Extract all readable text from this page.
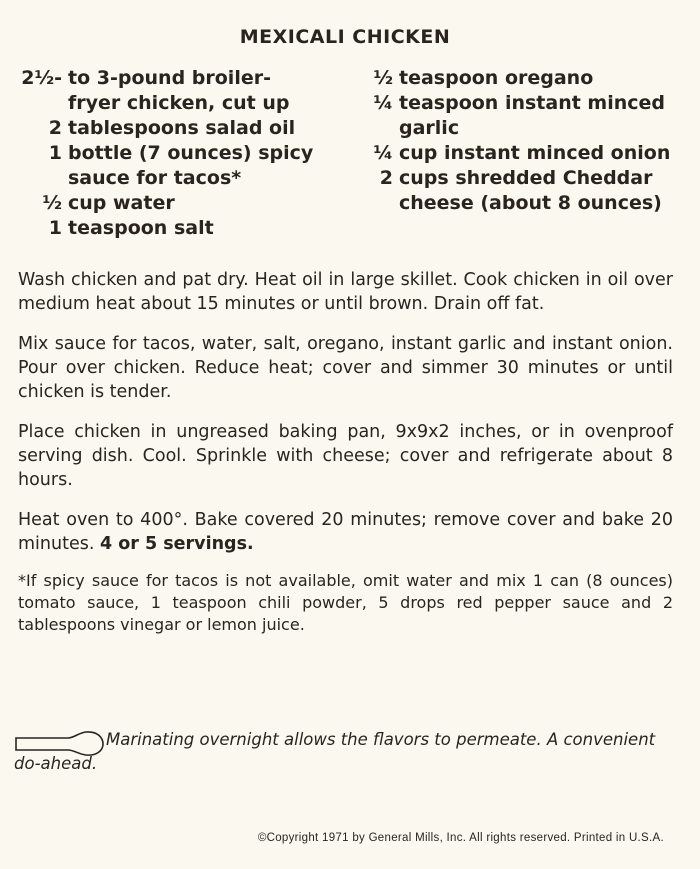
MEXICALI CHICKEN
2½- to 3-pound broiler-
fryer chicken, cut up
2 tablespoons salad oil
1 bottle (7 ounces) spicy
sauce for tacos*
½ cup water
1 teaspoon salt
½ teaspoon oregano
¼ teaspoon instant minced
garlic
¼ cup instant minced onion
2 cups shredded Cheddar
cheese (about 8 ounces)

Wash chicken and pat dry. Heat oil in large skillet. Cook chicken in oil over medium heat about 15 minutes or until brown. Drain off fat.

Mix sauce for tacos, water, salt, oregano, instant garlic and instant onion. Pour over chicken. Reduce heat; cover and simmer 30 minutes or until chicken is tender.

Place chicken in ungreased baking pan, 9x9x2 inches, or in ovenproof serving dish. Cool. Sprinkle with cheese; cover and refrigerate about 8 hours.

Heat oven to 400°. Bake covered 20 minutes; remove cover and bake 20 minutes. 4 or 5 servings.

*If spicy sauce for tacos is not available, omit water and mix 1 can (8 ounces) tomato sauce, 1 teaspoon chili powder, 5 drops red pepper sauce and 2 tablespoons vinegar or lemon juice.

Marinating overnight allows the flavors to permeate. A convenient do-ahead.

©Copyright 1971 by General Mills, Inc. All rights reserved. Printed in U.S.A.
